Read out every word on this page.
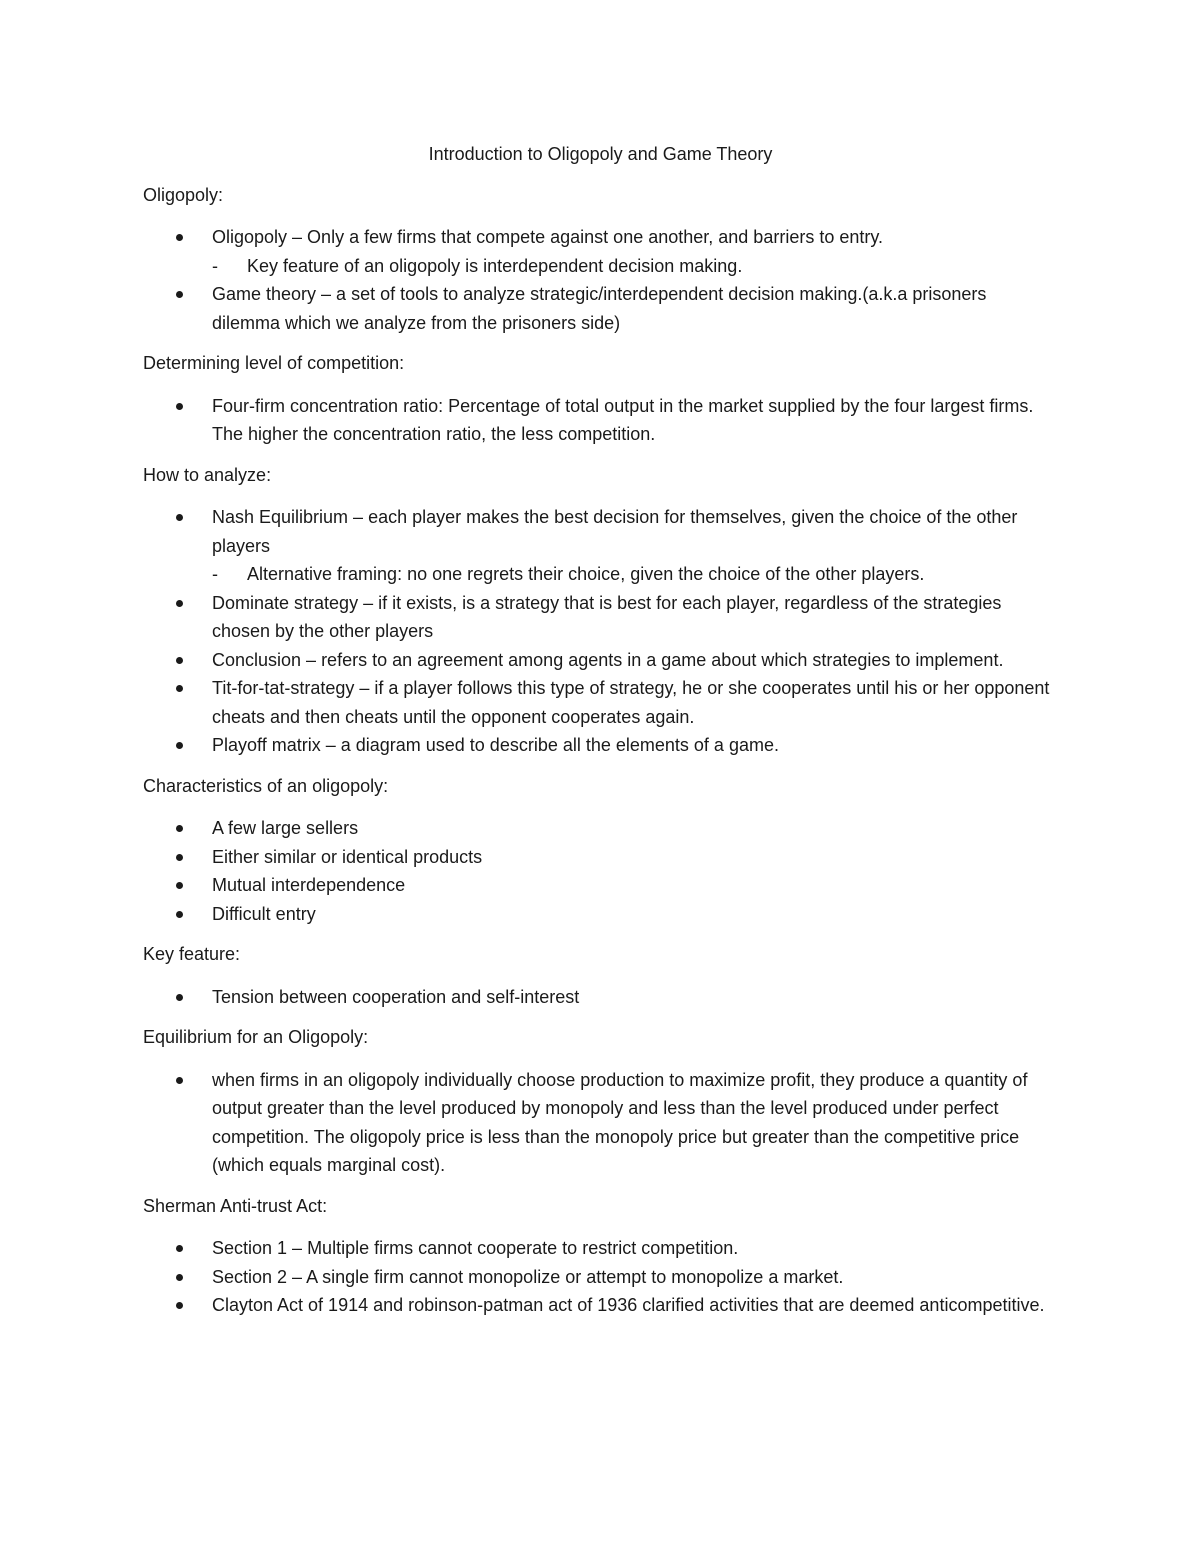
Introduction to Oligopoly and Game Theory
Oligopoly:
Oligopoly – Only a few firms that compete against one another, and barriers to entry.
- Key feature of an oligopoly is interdependent decision making.
Game theory – a set of tools to analyze strategic/interdependent decision making.(a.k.a prisoners dilemma which we analyze from the prisoners side)
Determining level of competition:
Four-firm concentration ratio: Percentage of total output in the market supplied by the four largest firms. The higher the concentration ratio, the less competition.
How to analyze:
Nash Equilibrium – each player makes the best decision for themselves, given the choice of the other players
- Alternative framing: no one regrets their choice, given the choice of the other players.
Dominate strategy – if it exists, is a strategy that is best for each player, regardless of the strategies chosen by the other players
Conclusion – refers to an agreement among agents in a game about which strategies to implement.
Tit-for-tat-strategy – if a player follows this type of strategy, he or she cooperates until his or her opponent cheats and then cheats until the opponent cooperates again.
Playoff matrix – a diagram used to describe all the elements of a game.
Characteristics of an oligopoly:
A few large sellers
Either similar or identical products
Mutual interdependence
Difficult entry
Key feature:
Tension between cooperation and self-interest
Equilibrium for an Oligopoly:
when firms in an oligopoly individually choose production to maximize profit, they produce a quantity of output greater than the level produced by monopoly and less than the level produced under perfect competition. The oligopoly price is less than the monopoly price but greater than the competitive price (which equals marginal cost).
Sherman Anti-trust Act:
Section 1 – Multiple firms cannot cooperate to restrict competition.
Section 2 – A single firm cannot monopolize or attempt to monopolize a market.
Clayton Act of 1914 and robinson-patman act of 1936 clarified activities that are deemed anticompetitive.
